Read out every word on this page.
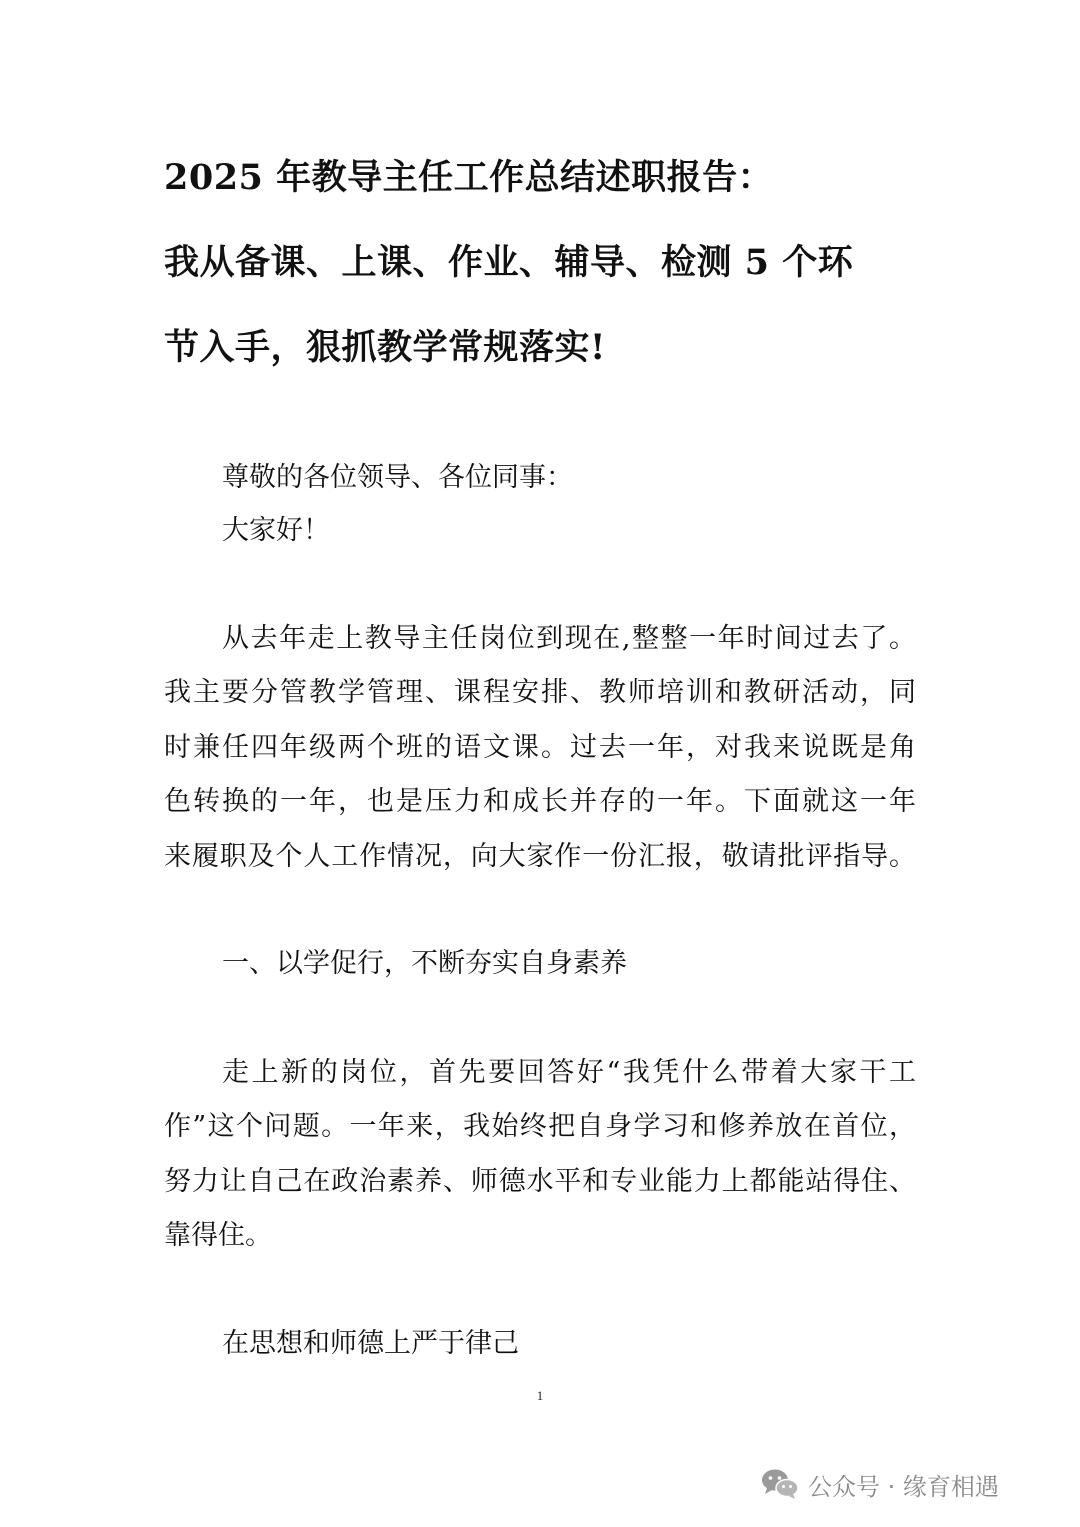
2025 年教导主任工作总结述职报告：
我从备课、上课、作业、辅导、检测 5 个环
节入手，狠抓教学常规落实!
尊敬的各位领导、各位同事：
大家好！
从去年走上教导主任岗位到现在,整整一年时间过去了。
我主要分管教学管理、课程安排、教师培训和教研活动，同
时兼任四年级两个班的语文课。过去一年，对我来说既是角
色转换的一年，也是压力和成长并存的一年。下面就这一年
来履职及个人工作情况，向大家作一份汇报，敬请批评指导。
一、以学促行，不断夯实自身素养
走上新的岗位，首先要回答好“我凭什么带着大家干工
作”这个问题。一年来，我始终把自身学习和修养放在首位，
努力让自己在政治素养、师德水平和专业能力上都能站得住、
靠得住。
在思想和师德上严于律己
1
公众号 · 缘育相遇
